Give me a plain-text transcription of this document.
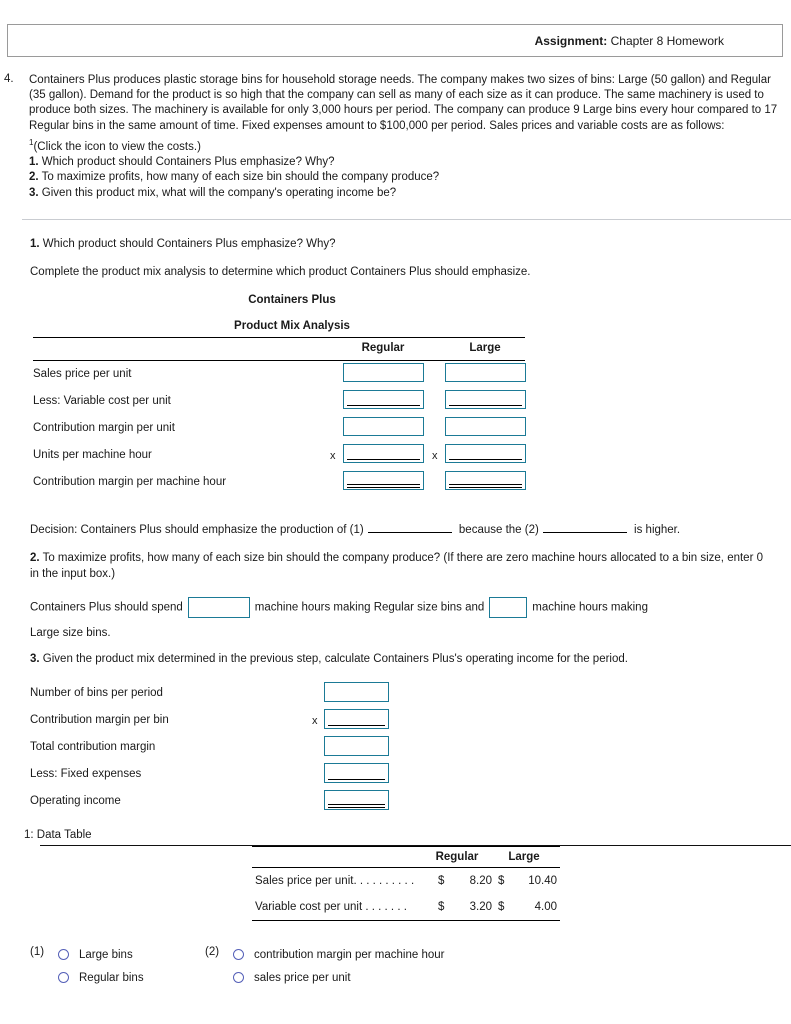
Assignment: Chapter 8 Homework
4. Containers Plus produces plastic storage bins for household storage needs. The company makes two sizes of bins: Large (50 gallon) and Regular (35 gallon). Demand for the product is so high that the company can sell as many of each size as it can produce. The same machinery is used to produce both sizes. The machinery is available for only 3,000 hours per period. The company can produce 9 Large bins every hour compared to 17 Regular bins in the same amount of time. Fixed expenses amount to $100,000 per period. Sales prices and variable costs are as follows:

$^1$(Click the icon to view the costs.)

1. Which product should Containers Plus emphasize? Why?

2. To maximize profits, how many of each size bin should the company produce?

3. Given this product mix, what will the company's operating income be?

1. Which product should Containers Plus emphasize? Why?
Complete the product mix analysis to determine which product Containers Plus should emphasize.
Containers Plus
Product Mix Analysis
Regular	Large
Sales price per unit
Less: Variable cost per unit
Contribution margin per unit
Units per machine hour	x	x
Contribution margin per machine hour
Decision: Containers Plus should emphasize the production of (1)	because the (2)	is higher.
2. To maximize profits, how many of each size bin should the company produce? (If there are zero machine hours allocated to a bin size, enter 0 in the input box.)
Containers Plus should spend	machine hours making Regular size bins and	machine hours making
Large size bins.
3. Given the product mix determined in the previous step, calculate Containers Plus's operating income for the period.
Number of bins per period
Contribution margin per bin	x
Total contribution margin
Less: Fixed expenses
Operating income
1: Data Table
Regular	Large
Sales price per unit. . . . . . . . . . $	8.20 $	10.40
Variable cost per unit . . . . . . .	$	3.20 $	4.00
(1)	Large bins
Regular bins
(2)	contribution margin per machine hour
sales price per unit
